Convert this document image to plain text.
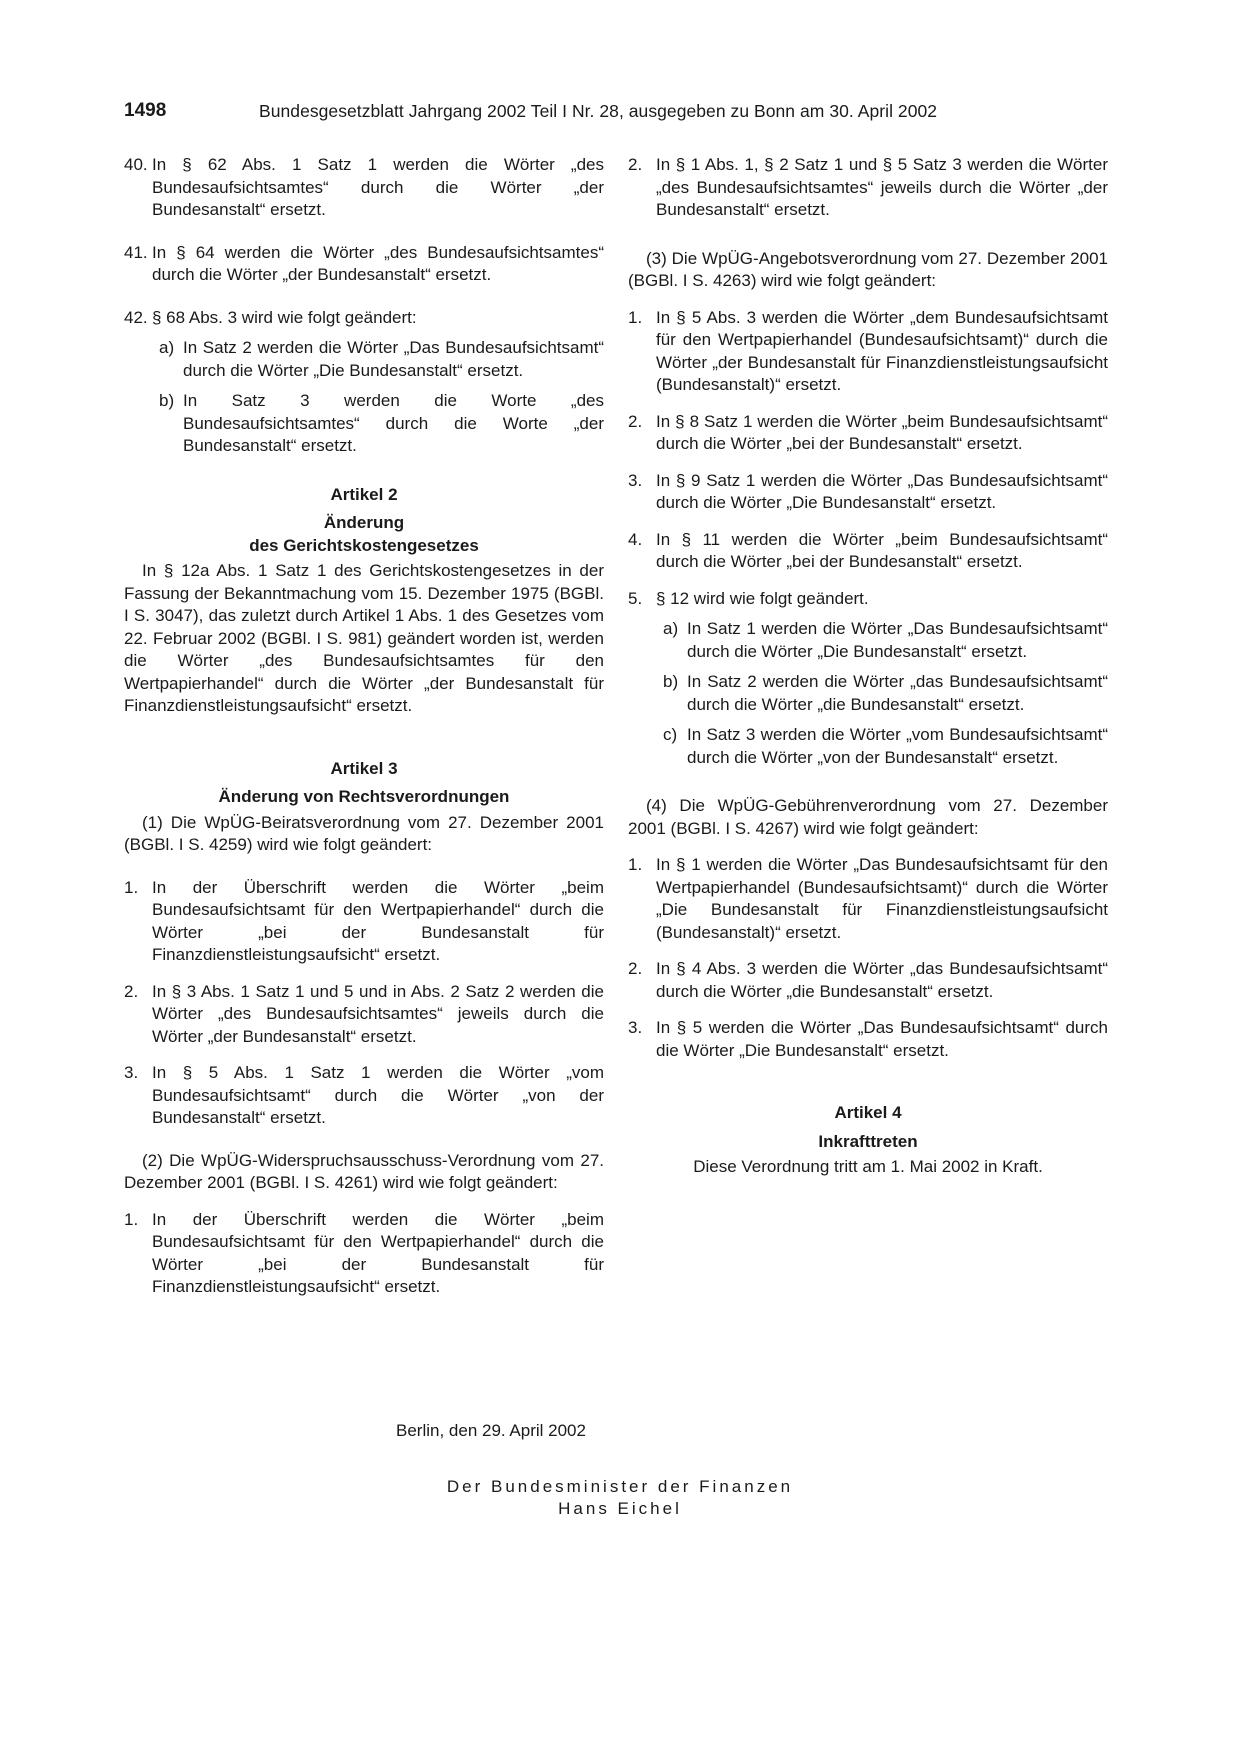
1498	Bundesgesetzblatt Jahrgang 2002 Teil I Nr. 28, ausgegeben zu Bonn am 30. April 2002
40. In § 62 Abs. 1 Satz 1 werden die Wörter „des Bundesaufsichtsamtes“ durch die Wörter „der Bundesanstalt“ ersetzt.
41. In § 64 werden die Wörter „des Bundesaufsichtsamtes“ durch die Wörter „der Bundesanstalt“ ersetzt.
42. § 68 Abs. 3 wird wie folgt geändert:
a) In Satz 2 werden die Wörter „Das Bundesaufsichtsamt“ durch die Wörter „Die Bundesanstalt“ ersetzt.
b) In Satz 3 werden die Worte „des Bundesaufsichtsamtes“ durch die Worte „der Bundesanstalt“ ersetzt.
Artikel 2
Änderung
des Gerichtskostengesetzes
In § 12a Abs. 1 Satz 1 des Gerichtskostengesetzes in der Fassung der Bekanntmachung vom 15. Dezember 1975 (BGBl. I S. 3047), das zuletzt durch Artikel 1 Abs. 1 des Gesetzes vom 22. Februar 2002 (BGBl. I S. 981) geändert worden ist, werden die Wörter „des Bundesaufsichtsamtes für den Wertpapierhandel“ durch die Wörter „der Bundesanstalt für Finanzdienstleistungsaufsicht“ ersetzt.
Artikel 3
Änderung von Rechtsverordnungen
(1) Die WpÜG-Beiratsverordnung vom 27. Dezember 2001 (BGBl. I S. 4259) wird wie folgt geändert:
1. In der Überschrift werden die Wörter „beim Bundesaufsichtsamt für den Wertpapierhandel“ durch die Wörter „bei der Bundesanstalt für Finanzdienstleistungsaufsicht“ ersetzt.
2. In § 3 Abs. 1 Satz 1 und 5 und in Abs. 2 Satz 2 werden die Wörter „des Bundesaufsichtsamtes“ jeweils durch die Wörter „der Bundesanstalt“ ersetzt.
3. In § 5 Abs. 1 Satz 1 werden die Wörter „vom Bundesaufsichtsamt“ durch die Wörter „von der Bundesanstalt“ ersetzt.
(2) Die WpÜG-Widerspruchsausschuss-Verordnung vom 27. Dezember 2001 (BGBl. I S. 4261) wird wie folgt geändert:
1. In der Überschrift werden die Wörter „beim Bundesaufsichtsamt für den Wertpapierhandel“ durch die Wörter „bei der Bundesanstalt für Finanzdienstleistungsaufsicht“ ersetzt.
2. In § 1 Abs. 1, § 2 Satz 1 und § 5 Satz 3 werden die Wörter „des Bundesaufsichtsamtes“ jeweils durch die Wörter „der Bundesanstalt“ ersetzt.
(3) Die WpÜG-Angebotsverordnung vom 27. Dezember 2001 (BGBl. I S. 4263) wird wie folgt geändert:
1. In § 5 Abs. 3 werden die Wörter „dem Bundesaufsichtsamt für den Wertpapierhandel (Bundesaufsichtsamt)“ durch die Wörter „der Bundesanstalt für Finanzdienstleistungsaufsicht (Bundesanstalt)“ ersetzt.
2. In § 8 Satz 1 werden die Wörter „beim Bundesaufsichtsamt“ durch die Wörter „bei der Bundesanstalt“ ersetzt.
3. In § 9 Satz 1 werden die Wörter „Das Bundesaufsichtsamt“ durch die Wörter „Die Bundesanstalt“ ersetzt.
4. In § 11 werden die Wörter „beim Bundesaufsichtsamt“ durch die Wörter „bei der Bundesanstalt“ ersetzt.
5. § 12 wird wie folgt geändert.
a) In Satz 1 werden die Wörter „Das Bundesaufsichtsamt“ durch die Wörter „Die Bundesanstalt“ ersetzt.
b) In Satz 2 werden die Wörter „das Bundesaufsichtsamt“ durch die Wörter „die Bundesanstalt“ ersetzt.
c) In Satz 3 werden die Wörter „vom Bundesaufsichtsamt“ durch die Wörter „von der Bundesanstalt“ ersetzt.
(4) Die WpÜG-Gebührenverordnung vom 27. Dezember 2001 (BGBl. I S. 4267) wird wie folgt geändert:
1. In § 1 werden die Wörter „Das Bundesaufsichtsamt für den Wertpapierhandel (Bundesaufsichtsamt)“ durch die Wörter „Die Bundesanstalt für Finanzdienstleistungsaufsicht (Bundesanstalt)“ ersetzt.
2. In § 4 Abs. 3 werden die Wörter „das Bundesaufsichtsamt“ durch die Wörter „die Bundesanstalt“ ersetzt.
3. In § 5 werden die Wörter „Das Bundesaufsichtsamt“ durch die Wörter „Die Bundesanstalt“ ersetzt.
Artikel 4
Inkrafttreten
Diese Verordnung tritt am 1. Mai 2002 in Kraft.
Berlin, den 29. April 2002
Der Bundesminister der Finanzen
Hans Eichel
